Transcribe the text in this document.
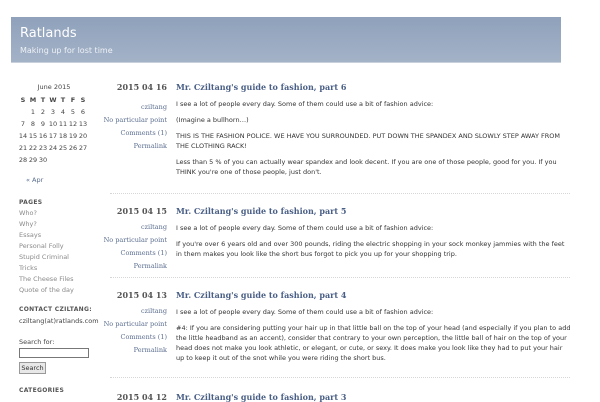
Ratlands
Making up for lost time
June 2015
S	M	T	W	T	F	S
	1	2	3	4	5	6
7	8	9	10	11	12	13
14	15	16	17	18	19	20
21	22	23	24	25	26	27
28	29	30				
« Apr
PAGES
Who?
Why?
Essays
Personal Folly
Stupid Criminal
Tricks
The Cheese Files
Quote of the day
CONTACT CZILTANG:
cziltang(at)ratlands.com
Search for:
Search
CATEGORIES
2015 04 16 Mr. Cziltang's guide to fashion, part 6
cziltang
No particular point
Comments (1)
Permalink

I see a lot of people every day. Some of them could use a bit of fashion advice:

(Imagine a bullhorn…)

THIS IS THE FASHION POLICE. WE HAVE YOU SURROUNDED. PUT DOWN THE SPANDEX AND SLOWLY STEP AWAY FROM THE CLOTHING RACK!

Less than 5 % of you can actually wear spandex and look decent. If you are one of those people, good for you. If you THINK you're one of those people, just don't.

2015 04 15 Mr. Cziltang's guide to fashion, part 5
cziltang
No particular point
Comments (1)
Permalink

I see a lot of people every day. Some of them could use a bit of fashion advice:

If you're over 6 years old and over 300 pounds, riding the electric shopping in your sock monkey jammies with the feet in them makes you look like the short bus forgot to pick you up for your shopping trip.

2015 04 13 Mr. Cziltang's guide to fashion, part 4
cziltang
No particular point
Comments (1)
Permalink

I see a lot of people every day. Some of them could use a bit of fashion advice:

#4: If you are considering putting your hair up in that little ball on the top of your head (and especially if you plan to add the little headband as an accent), consider that contrary to your own perception, the little ball of hair on the top of your head does not make you look athletic, or elegant, or cute, or sexy. It does make you look like they had to put your hair up to keep it out of the snot while you were riding the short bus.

2015 04 12 Mr. Cziltang's guide to fashion, part 3
